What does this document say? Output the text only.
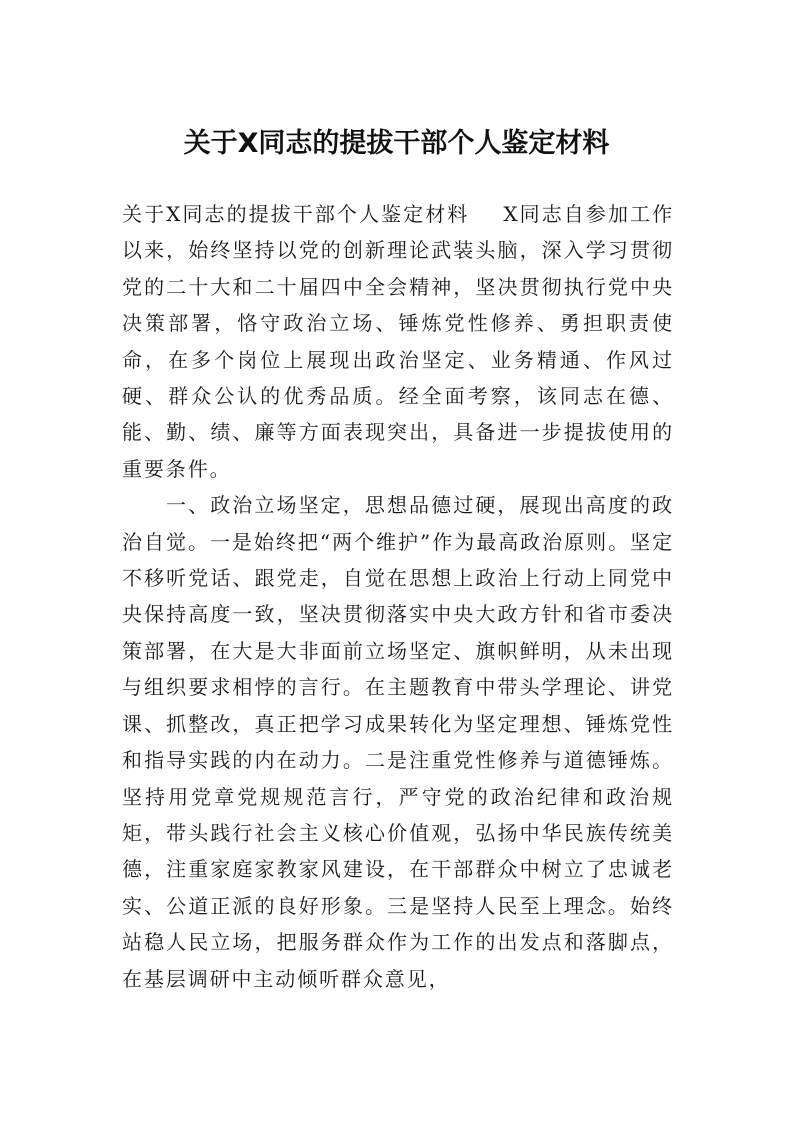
关于X同志的提拔干部个人鉴定材料

关于X同志的提拔干部个人鉴定材料 X同志自参加工作以来，始终坚持以党的创新理论武装头脑，深入学习贯彻党的二十大和二十届四中全会精神，坚决贯彻执行党中央决策部署，恪守政治立场、锤炼党性修养、勇担职责使命，在多个岗位上展现出政治坚定、业务精通、作风过硬、群众公认的优秀品质。经全面考察，该同志在德、能、勤、绩、廉等方面表现突出，具备进一步提拔使用的重要条件。

一、政治立场坚定，思想品德过硬，展现出高度的政治自觉。一是始终把“两个维护”作为最高政治原则。坚定不移听党话、跟党走，自觉在思想上政治上行动上同党中央保持高度一致，坚决贯彻落实中央大政方针和省市委决策部署，在大是大非面前立场坚定、旗帜鲜明，从未出现与组织要求相悖的言行。在主题教育中带头学理论、讲党课、抓整改，真正把学习成果转化为坚定理想、锤炼党性和指导实践的内在动力。二是注重党性修养与道德锤炼。坚持用党章党规规范言行，严守党的政治纪律和政治规矩，带头践行社会主义核心价值观，弘扬中华民族传统美德，注重家庭家教家风建设，在干部群众中树立了忠诚老实、公道正派的良好形象。三是坚持人民至上理念。始终站稳人民立场，把服务群众作为工作的出发点和落脚点，在基层调研中主动倾听群众意见，
